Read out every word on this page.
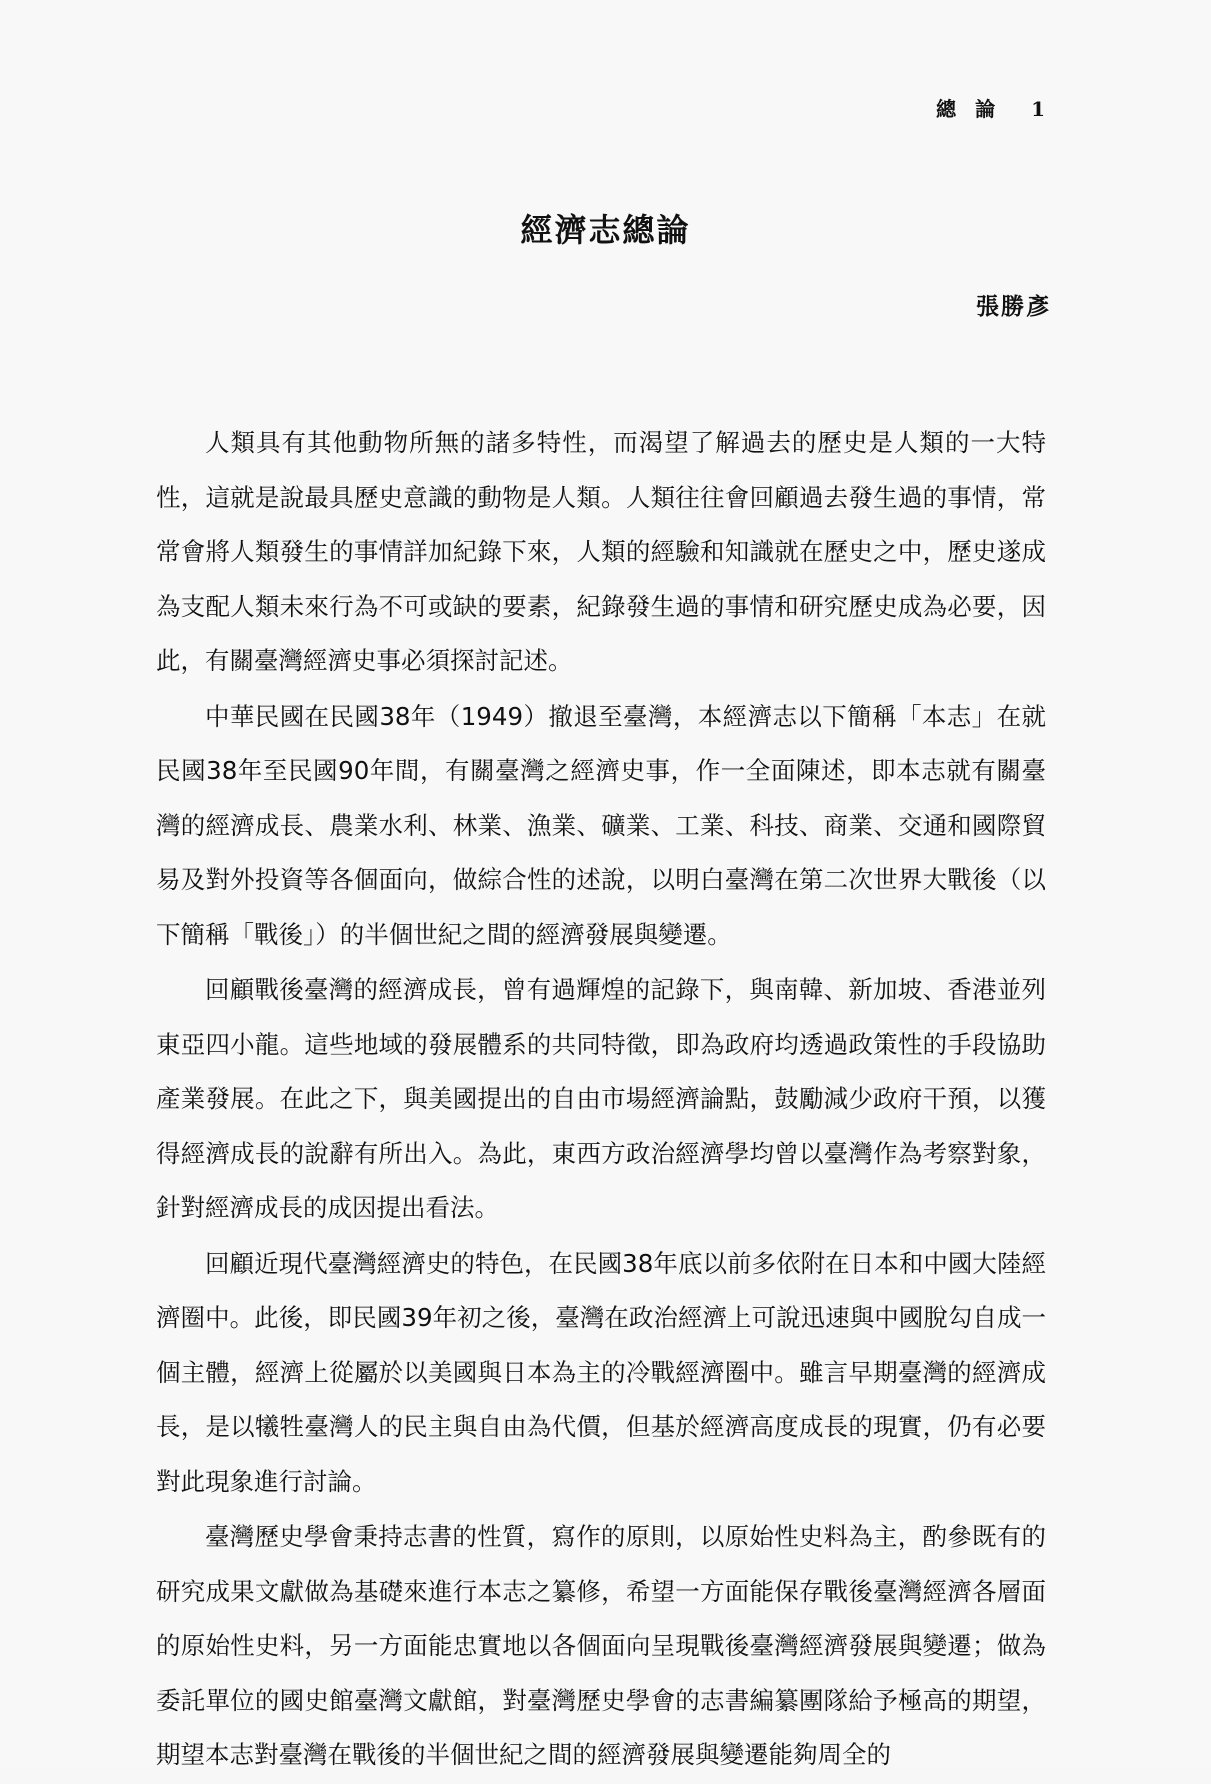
總 論 1
經濟志總論
張勝彥

人類具有其他動物所無的諸多特性，而渴望了解過去的歷史是人類的一大特性，這就是說最具歷史意識的動物是人類。人類往往會回顧過去發生過的事情，常常會將人類發生的事情詳加紀錄下來，人類的經驗和知識就在歷史之中，歷史遂成為支配人類未來行為不可或缺的要素，紀錄發生過的事情和研究歷史成為必要，因此，有關臺灣經濟史事必須探討記述。

中華民國在民國38年（1949）撤退至臺灣，本經濟志以下簡稱「本志」在就民國38年至民國90年間，有關臺灣之經濟史事，作一全面陳述，即本志就有關臺灣的經濟成長、農業水利、林業、漁業、礦業、工業、科技、商業、交通和國際貿易及對外投資等各個面向，做綜合性的述說，以明白臺灣在第二次世界大戰後（以下簡稱「戰後」）的半個世紀之間的經濟發展與變遷。

回顧戰後臺灣的經濟成長，曾有過輝煌的記錄下，與南韓、新加坡、香港並列東亞四小龍。這些地域的發展體系的共同特徵，即為政府均透過政策性的手段協助產業發展。在此之下，與美國提出的自由市場經濟論點，鼓勵減少政府干預，以獲得經濟成長的說辭有所出入。為此，東西方政治經濟學均曾以臺灣作為考察對象，針對經濟成長的成因提出看法。

回顧近現代臺灣經濟史的特色，在民國38年底以前多依附在日本和中國大陸經濟圈中。此後，即民國39年初之後，臺灣在政治經濟上可說迅速與中國脫勾自成一個主體，經濟上從屬於以美國與日本為主的冷戰經濟圈中。雖言早期臺灣的經濟成長，是以犧牲臺灣人的民主與自由為代價，但基於經濟高度成長的現實，仍有必要對此現象進行討論。

臺灣歷史學會秉持志書的性質，寫作的原則，以原始性史料為主，酌參既有的研究成果文獻做為基礎來進行本志之纂修，希望一方面能保存戰後臺灣經濟各層面的原始性史料，另一方面能忠實地以各個面向呈現戰後臺灣經濟發展與變遷；做為委託單位的國史館臺灣文獻館，對臺灣歷史學會的志書編纂團隊給予極高的期望，期望本志對臺灣在戰後的半個世紀之間的經濟發展與變遷能夠周全的
